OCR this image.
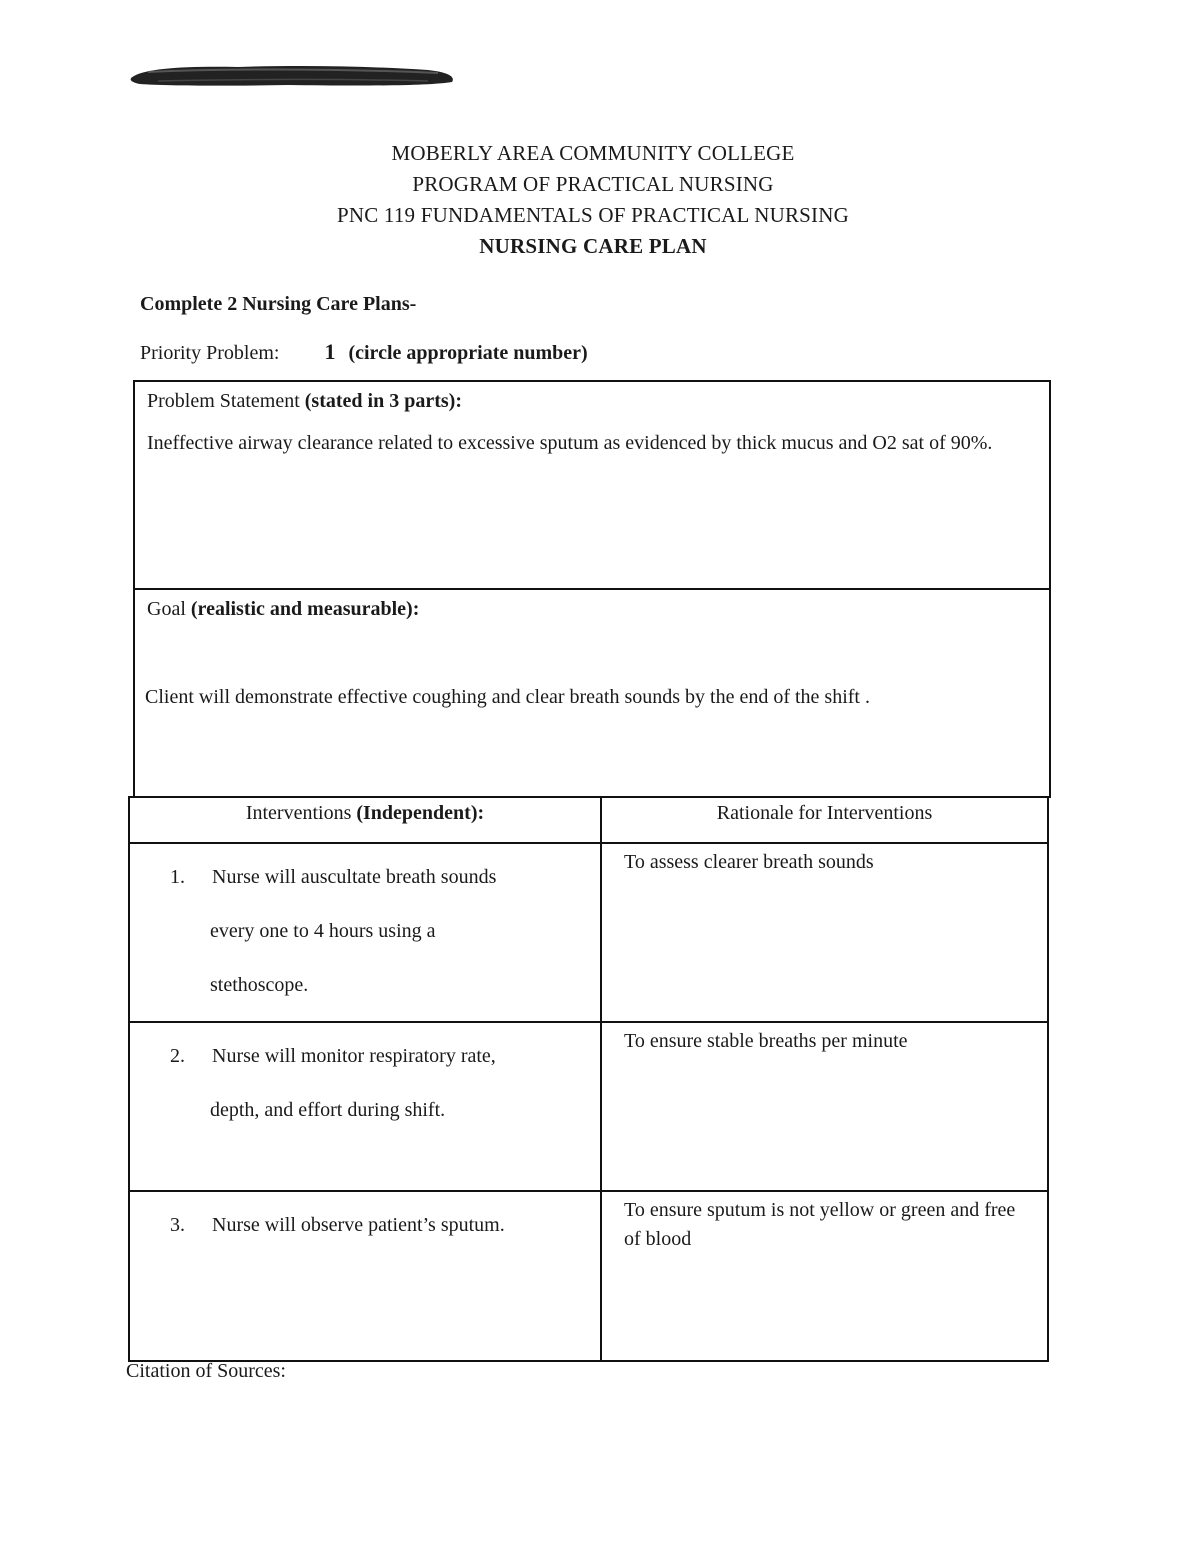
MOBERLY AREA COMMUNITY COLLEGE
PROGRAM OF PRACTICAL NURSING
PNC 119 FUNDAMENTALS OF PRACTICAL NURSING
NURSING CARE PLAN
Complete 2 Nursing Care Plans-
Priority Problem: 1 (circle appropriate number)
Problem Statement (stated in 3 parts):
Ineffective airway clearance related to excessive sputum as evidenced by thick mucus and O2 sat of 90%.
Goal (realistic and measurable):
Client will demonstrate effective coughing and clear breath sounds by the end of the shift .
Interventions (Independent):	Rationale for Interventions

1. Nurse will auscultate breath sounds
every one to 4 hours using a
stethoscope.	To assess clearer breath sounds

2. Nurse will monitor respiratory rate,
depth, and effort during shift.	To ensure stable breaths per minute

3. Nurse will observe patient’s sputum.	To ensure sputum is not yellow or green and free of blood
Citation of Sources:
